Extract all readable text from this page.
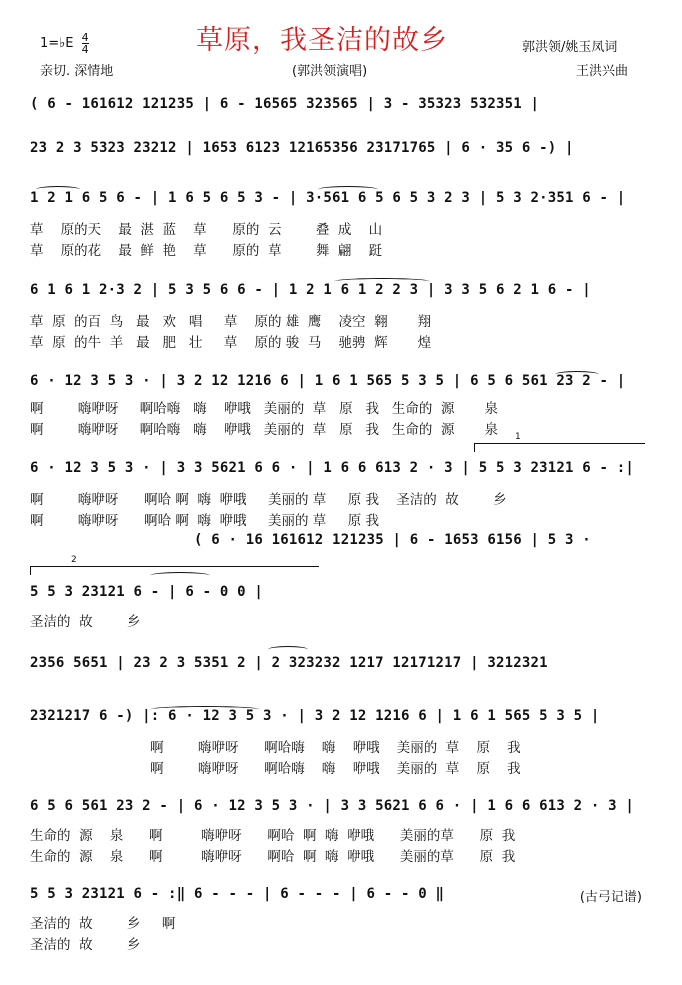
1=♭E $\frac{4}{4}$	草原，我圣洁的故乡	郭洪领/姚玉凤词
王洪兴曲
亲切. 深情地	(郭洪领演唱)
( 6 - 161612 121235 | 6 - 16565 323565 | 3 - 35323 532351 |
23 2 3 5323 23212 | 1653 6123 12165356 23171765 | 6 · 35 6 -) |
1 2 1 6 5 6 - | 1 6 5 6 5 3 - | 3·561 6 5 6 5 3 2 3 | 5 3 2·351 6 - |
草    原的天    最  湛  蓝    草      原的  云        叠  成    山
草    原的花    最  鲜  艳    草      原的  草        舞  翩    跹
6 1 6 1 2·3 2 | 5 3 5 6 6 - | 1 2 1 6 1 2 2 3 | 3 3 5 6 2 1 6 - |
草  原  的百  鸟   最   欢   唱     草    原的 雄  鹰    凌空  翱       翔
草  原  的牛  羊   最   肥   壮     草    原的 骏  马    驰骋  辉       煌
6 · 12 3 5 3 · | 3 2 12 1216 6 | 1 6 1 565 5 3 5 | 6 5 6 561 23 2 - |
啊        嗨咿呀     啊哈嗨   嗨    咿哦   美丽的  草   原   我   生命的  源       泉
啊        嗨咿呀     啊哈嗨   嗨    咿哦   美丽的  草   原   我   生命的  源       泉	1
6 · 12 3 5 3 · | 3 3 5621 6 6 · | 1 6 6 613 2 · 3 | 5 5 3 23121 6 - :|
啊        嗨咿呀      啊哈 啊  嗨  咿哦     美丽的 草     原 我    圣洁的  故        乡
啊        嗨咿呀      啊哈 啊  嗨  咿哦     美丽的 草     原 我
( 6 · 16 161612 121235 | 6 - 1653 6156 | 5 3 ·
2
5 5 3 23121 6 - | 6 - 0 0 |
圣洁的  故        乡
2356 5651 | 23 2 3 5351 2 | 2 323232 1217 12171217 | 3212321
2321217 6 -) |: 6 · 12 3 5 3 · | 3 2 12 1216 6 | 1 6 1 565 5 3 5 |
啊        嗨咿呀      啊哈嗨    嗨    咿哦    美丽的  草    原    我
啊        嗨咿呀      啊哈嗨    嗨    咿哦    美丽的  草    原    我
6 5 6 561 23 2 - | 6 · 12 3 5 3 · | 3 3 5621 6 6 · | 1 6 6 613 2 · 3 |
生命的  源    泉      啊         嗨咿呀      啊哈  啊  嗨  咿哦      美丽的草      原  我
生命的  源    泉      啊         嗨咿呀      啊哈  啊  嗨  咿哦      美丽的草      原  我
5 5 3 23121 6 - :‖ 6 - - - | 6 - - - | 6 - - 0 ‖	(古弓记谱)
圣洁的  故        乡     啊
圣洁的  故        乡
